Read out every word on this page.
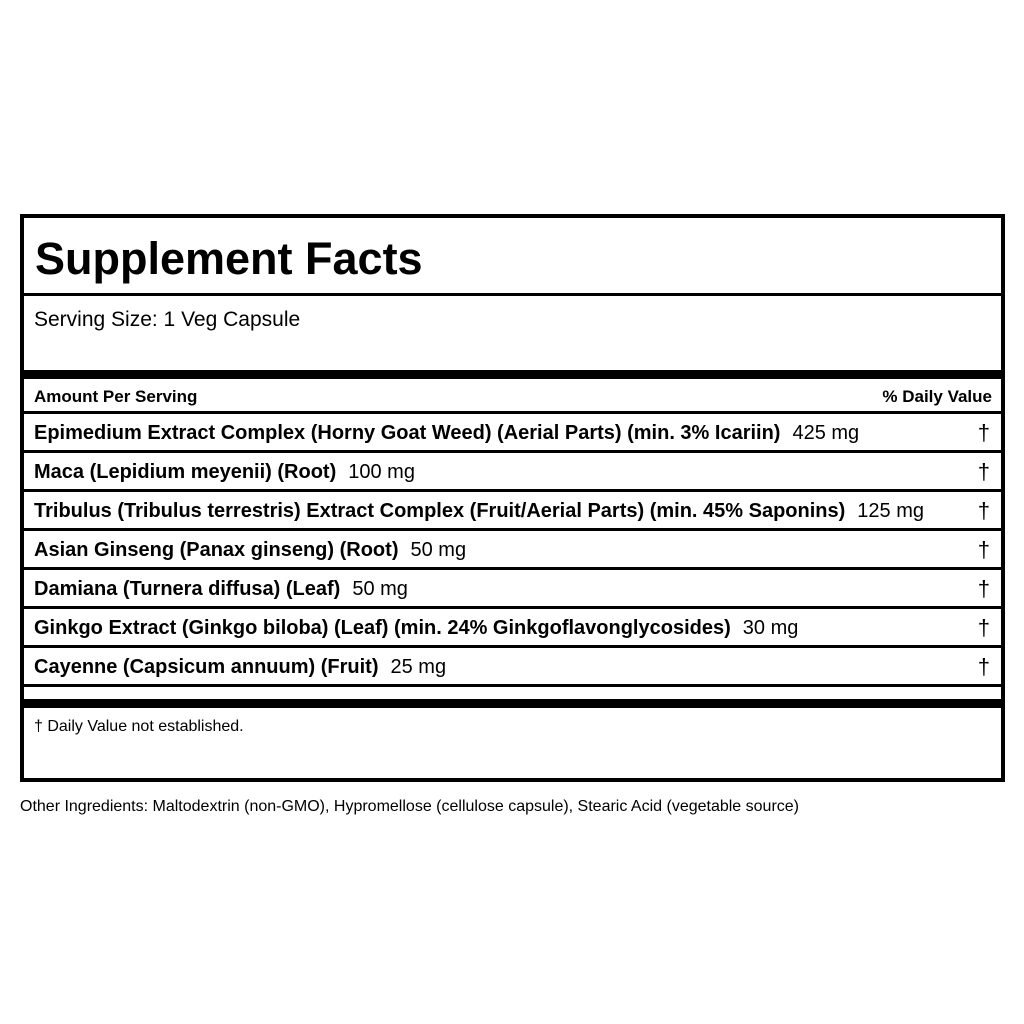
Supplement Facts
Serving Size: 1 Veg Capsule
Amount Per Serving	% Daily Value
Epimedium Extract Complex (Horny Goat Weed) (Aerial Parts) (min. 3% Icariin) 425 mg	†
Maca (Lepidium meyenii) (Root) 100 mg	†
Tribulus (Tribulus terrestris) Extract Complex (Fruit/Aerial Parts) (min. 45% Saponins) 125 mg †
Asian Ginseng (Panax ginseng) (Root) 50 mg	†
Damiana (Turnera diffusa) (Leaf) 50 mg	†
Ginkgo Extract (Ginkgo biloba) (Leaf) (min. 24% Ginkgoflavonglycosides) 30 mg	†
Cayenne (Capsicum annuum) (Fruit) 25 mg	†
† Daily Value not established.
Other Ingredients: Maltodextrin (non-GMO), Hypromellose (cellulose capsule), Stearic Acid (vegetable source)
